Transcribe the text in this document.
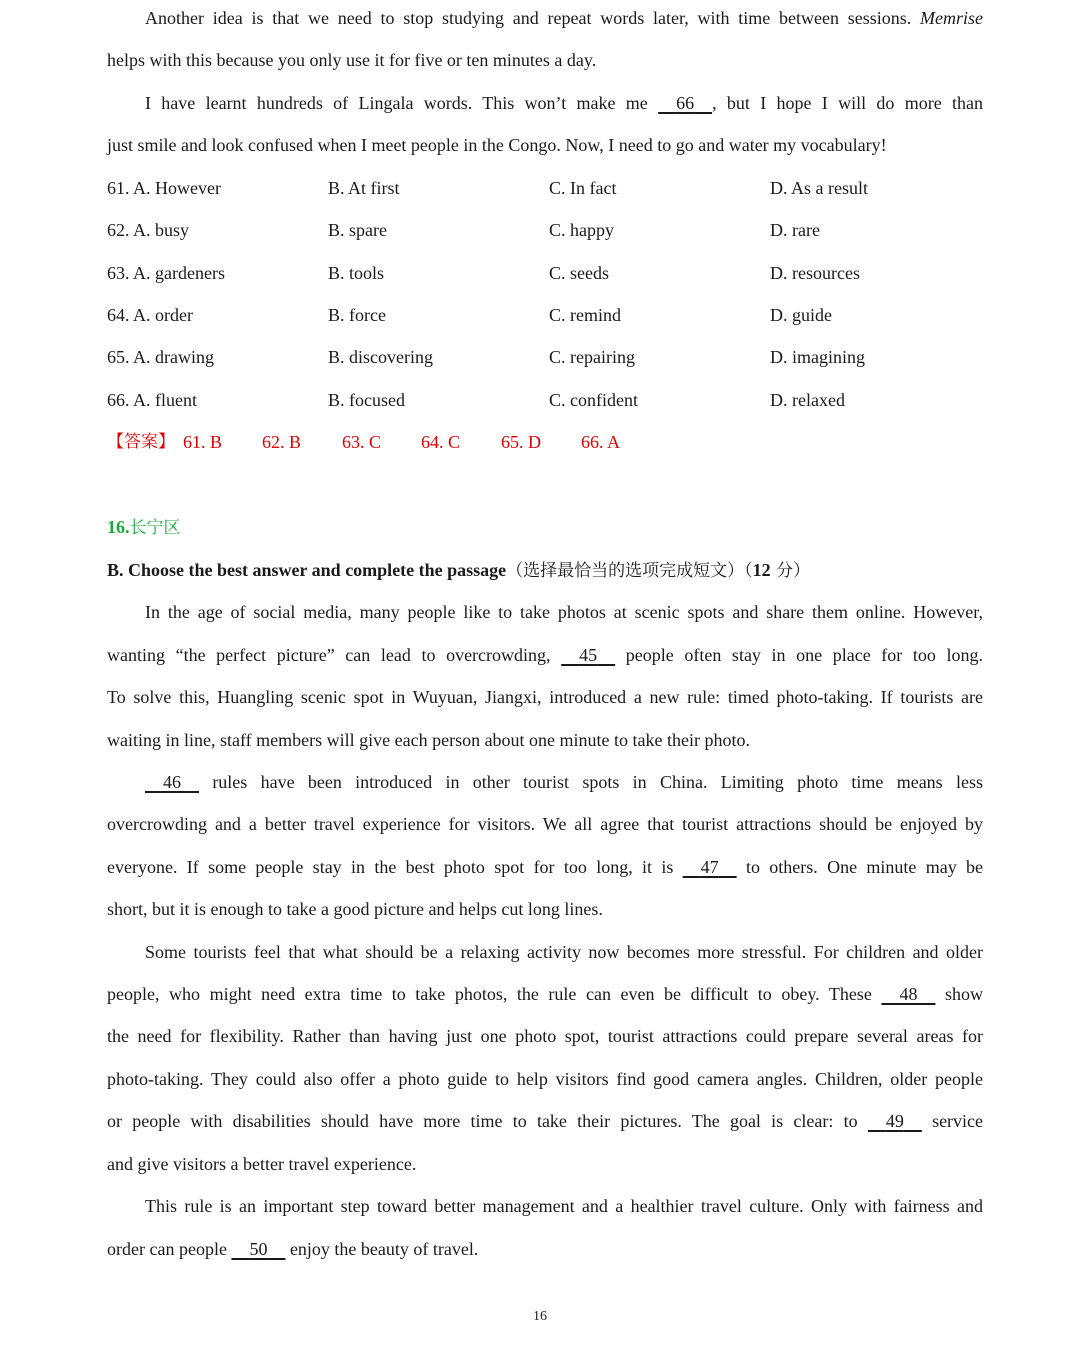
Another idea is that we need to stop studying and repeat words later, with time between sessions. Memrise
helps with this because you only use it for five or ten minutes a day.
I have learnt hundreds of Lingala words. This won’t make me 66 , but I hope I will do more than
just smile and look confused when I meet people in the Congo. Now, I need to go and water my vocabulary!
61. A. However	B. At first	C. In fact	D. As a result
62. A. busy	B. spare	C. happy	D. rare
63. A. gardeners	B. tools	C. seeds	D. resources
64. A. order	B. force	C. remind	D. guide
65. A. drawing	B. discovering	C. repairing	D. imagining
66. A. fluent	B. focused	C. confident	D. relaxed
【答案】 61. B 62. B 63. C 64. C 65. D 66. A
16.长宁区
B. Choose the best answer and complete the passage（选择最恰当的选项完成短文）（12 分）
In the age of social media, many people like to take photos at scenic spots and share them online. However,
wanting “the perfect picture” can lead to overcrowding, 45 people often stay in one place for too long.
To solve this, Huangling scenic spot in Wuyuan, Jiangxi, introduced a new rule: timed photo-taking. If tourists are
waiting in line, staff members will give each person about one minute to take their photo.
46 rules have been introduced in other tourist spots in China. Limiting photo time means less
overcrowding and a better travel experience for visitors. We all agree that tourist attractions should be enjoyed by
everyone. If some people stay in the best photo spot for too long, it is 47 to others. One minute may be
short, but it is enough to take a good picture and helps cut long lines.
Some tourists feel that what should be a relaxing activity now becomes more stressful. For children and older
people, who might need extra time to take photos, the rule can even be difficult to obey. These 48 show
the need for flexibility. Rather than having just one photo spot, tourist attractions could prepare several areas for
photo-taking. They could also offer a photo guide to help visitors find good camera angles. Children, older people
or people with disabilities should have more time to take their pictures. The goal is clear: to 49 service
and give visitors a better travel experience.
This rule is an important step toward better management and a healthier travel culture. Only with fairness and
order can people 50 enjoy the beauty of travel.
16
